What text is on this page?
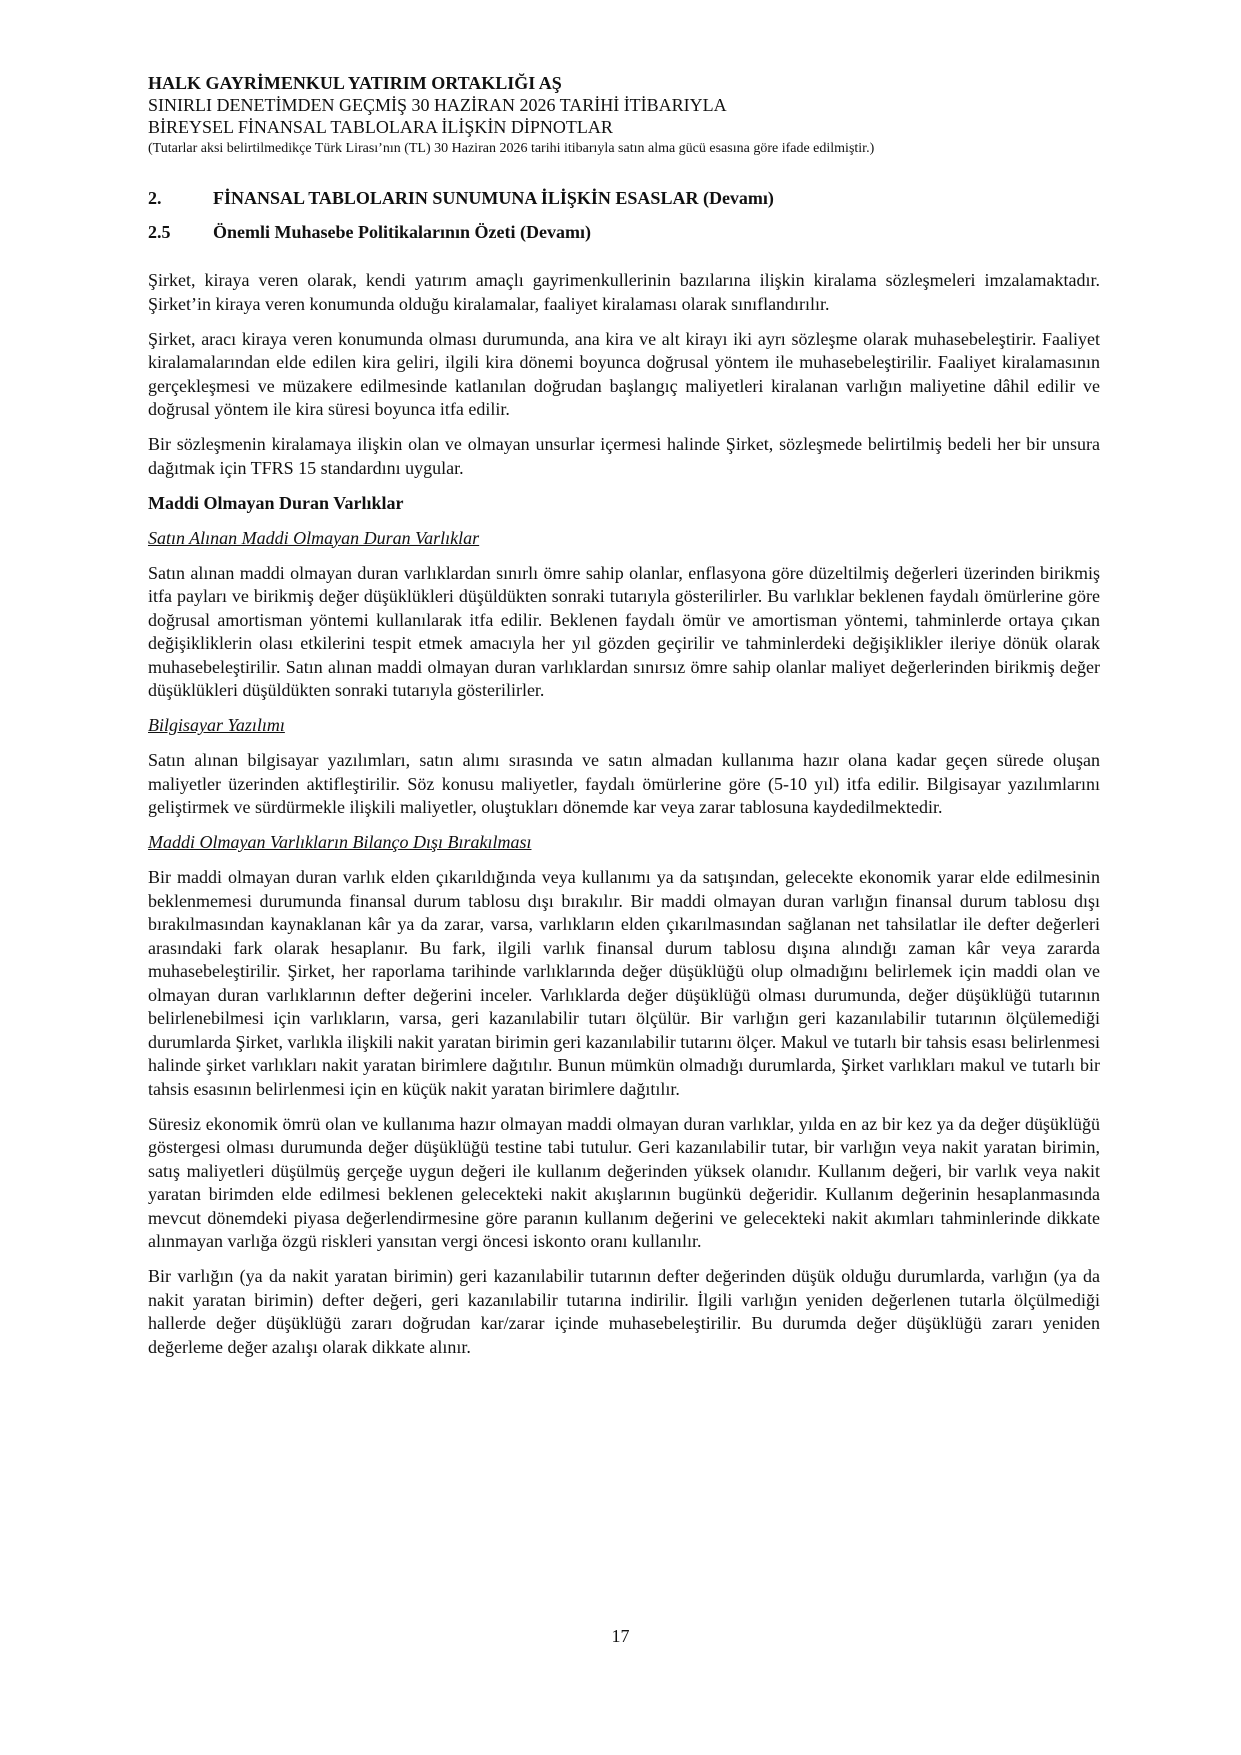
HALK GAYRİMENKUL YATIRIM ORTAKLIĞI AŞ
SINIRLI DENETİMDEN GEÇMİŞ 30 HAZİRAN 2026 TARİHİ İTİBARIYLA
BİREYSEL FİNANSAL TABLOLARA İLİŞKİN DİPNOTLAR
(Tutarlar aksi belirtilmedikçe Türk Lirası’nın (TL) 30 Haziran 2026 tarihi itibarıyla satın alma gücü esasına göre ifade edilmiştir.)
2.	FİNANSAL TABLOLARIN SUNUMUNA İLİŞKİN ESASLAR (Devamı)
2.5	Önemli Muhasebe Politikalarının Özeti (Devamı)

Şirket, kiraya veren olarak, kendi yatırım amaçlı gayrimenkullerinin bazılarına ilişkin kiralama sözleşmeleri imzalamaktadır. Şirket’in kiraya veren konumunda olduğu kiralamalar, faaliyet kiralaması olarak sınıflandırılır.

Şirket, aracı kiraya veren konumunda olması durumunda, ana kira ve alt kirayı iki ayrı sözleşme olarak muhasebeleştirir. Faaliyet kiralamalarından elde edilen kira geliri, ilgili kira dönemi boyunca doğrusal yöntem ile muhasebeleştirilir. Faaliyet kiralamasının gerçekleşmesi ve müzakere edilmesinde katlanılan doğrudan başlangıç maliyetleri kiralanan varlığın maliyetine dâhil edilir ve doğrusal yöntem ile kira süresi boyunca itfa edilir.

Bir sözleşmenin kiralamaya ilişkin olan ve olmayan unsurlar içermesi halinde Şirket, sözleşmede belirtilmiş bedeli her bir unsura dağıtmak için TFRS 15 standardını uygular.

Maddi Olmayan Duran Varlıklar

Satın Alınan Maddi Olmayan Duran Varlıklar

Satın alınan maddi olmayan duran varlıklardan sınırlı ömre sahip olanlar, enflasyona göre düzeltilmiş değerleri üzerinden birikmiş itfa payları ve birikmiş değer düşüklükleri düşüldükten sonraki tutarıyla gösterilirler. Bu varlıklar beklenen faydalı ömürlerine göre doğrusal amortisman yöntemi kullanılarak itfa edilir. Beklenen faydalı ömür ve amortisman yöntemi, tahminlerde ortaya çıkan değişikliklerin olası etkilerini tespit etmek amacıyla her yıl gözden geçirilir ve tahminlerdeki değişiklikler ileriye dönük olarak muhasebeleştirilir. Satın alınan maddi olmayan duran varlıklardan sınırsız ömre sahip olanlar maliyet değerlerinden birikmiş değer düşüklükleri düşüldükten sonraki tutarıyla gösterilirler.

Bilgisayar Yazılımı

Satın alınan bilgisayar yazılımları, satın alımı sırasında ve satın almadan kullanıma hazır olana kadar geçen sürede oluşan maliyetler üzerinden aktifleştirilir. Söz konusu maliyetler, faydalı ömürlerine göre (5-10 yıl) itfa edilir. Bilgisayar yazılımlarını geliştirmek ve sürdürmekle ilişkili maliyetler, oluştukları dönemde kar veya zarar tablosuna kaydedilmektedir.

Maddi Olmayan Varlıkların Bilanço Dışı Bırakılması

Bir maddi olmayan duran varlık elden çıkarıldığında veya kullanımı ya da satışından, gelecekte ekonomik yarar elde edilmesinin beklenmemesi durumunda finansal durum tablosu dışı bırakılır. Bir maddi olmayan duran varlığın finansal durum tablosu dışı bırakılmasından kaynaklanan kâr ya da zarar, varsa, varlıkların elden çıkarılmasından sağlanan net tahsilatlar ile defter değerleri arasındaki fark olarak hesaplanır. Bu fark, ilgili varlık finansal durum tablosu dışına alındığı zaman kâr veya zararda muhasebeleştirilir. Şirket, her raporlama tarihinde varlıklarında değer düşüklüğü olup olmadığını belirlemek için maddi olan ve olmayan duran varlıklarının defter değerini inceler. Varlıklarda değer düşüklüğü olması durumunda, değer düşüklüğü tutarının belirlenebilmesi için varlıkların, varsa, geri kazanılabilir tutarı ölçülür. Bir varlığın geri kazanılabilir tutarının ölçülemediği durumlarda Şirket, varlıkla ilişkili nakit yaratan birimin geri kazanılabilir tutarını ölçer. Makul ve tutarlı bir tahsis esası belirlenmesi halinde şirket varlıkları nakit yaratan birimlere dağıtılır. Bunun mümkün olmadığı durumlarda, Şirket varlıkları makul ve tutarlı bir tahsis esasının belirlenmesi için en küçük nakit yaratan birimlere dağıtılır.

Süresiz ekonomik ömrü olan ve kullanıma hazır olmayan maddi olmayan duran varlıklar, yılda en az bir kez ya da değer düşüklüğü göstergesi olması durumunda değer düşüklüğü testine tabi tutulur. Geri kazanılabilir tutar, bir varlığın veya nakit yaratan birimin, satış maliyetleri düşülmüş gerçeğe uygun değeri ile kullanım değerinden yüksek olanıdır. Kullanım değeri, bir varlık veya nakit yaratan birimden elde edilmesi beklenen gelecekteki nakit akışlarının bugünkü değeridir. Kullanım değerinin hesaplanmasında mevcut dönemdeki piyasa değerlendirmesine göre paranın kullanım değerini ve gelecekteki nakit akımları tahminlerinde dikkate alınmayan varlığa özgü riskleri yansıtan vergi öncesi iskonto oranı kullanılır.

Bir varlığın (ya da nakit yaratan birimin) geri kazanılabilir tutarının defter değerinden düşük olduğu durumlarda, varlığın (ya da nakit yaratan birimin) defter değeri, geri kazanılabilir tutarına indirilir. İlgili varlığın yeniden değerlenen tutarla ölçülmediği hallerde değer düşüklüğü zararı doğrudan kar/zarar içinde muhasebeleştirilir. Bu durumda değer düşüklüğü zararı yeniden değerleme değer azalışı olarak dikkate alınır.

17
